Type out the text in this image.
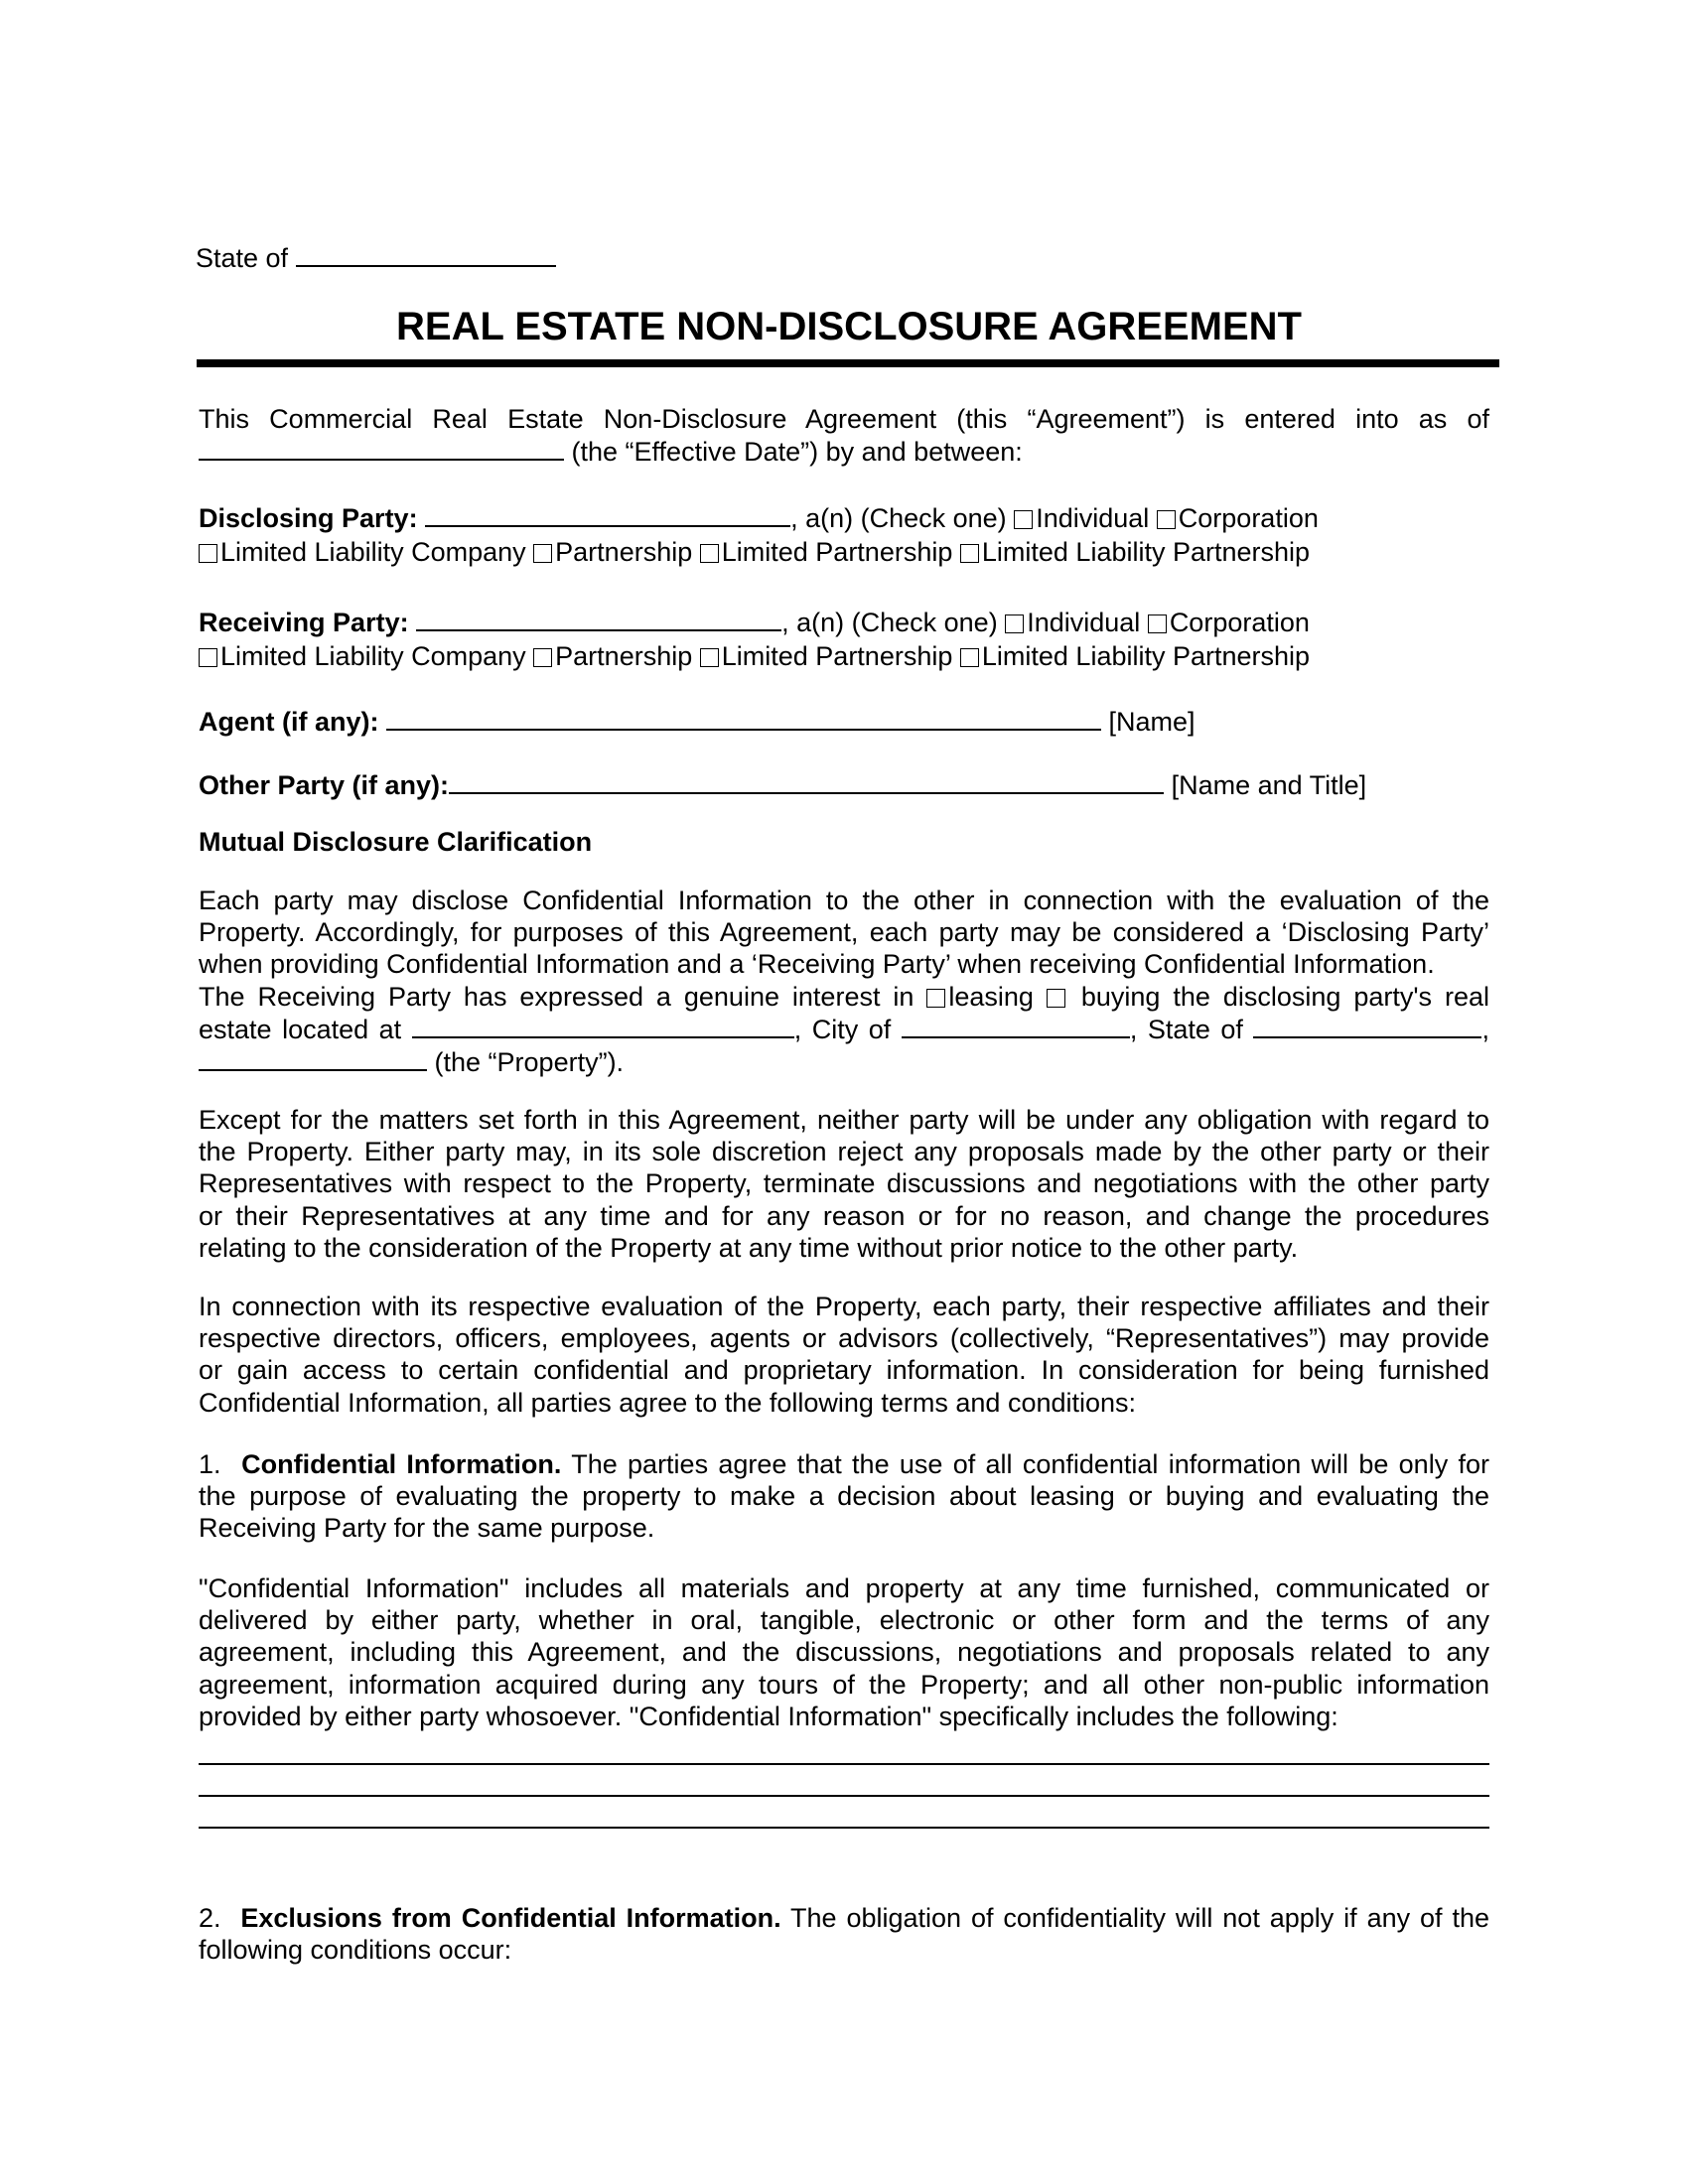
State of
REAL ESTATE NON-DISCLOSURE AGREEMENT
This Commercial Real Estate Non-Disclosure Agreement (this “Agreement”) is entered into as of
(the “Effective Date”) by and between:
Disclosing Party:	, a(n) (Check one) Individual Corporation
Limited Liability Company Partnership Limited Partnership Limited Liability Partnership
Receiving Party:	, a(n) (Check one) Individual Corporation
Limited Liability Company Partnership Limited Partnership Limited Liability Partnership
Agent (if any):	[Name]
Other Party (if any):	[Name and Title]
Mutual Disclosure Clarification
Each party may disclose Confidential Information to the other in connection with the evaluation of the
Property. Accordingly, for purposes of this Agreement, each party may be considered a ‘Disclosing Party’
when providing Confidential Information and a ‘Receiving Party’ when receiving Confidential Information.
The Receiving Party has expressed a genuine interest in leasing buying the disclosing party's real
estate located at	, City of	, State of	,
(the “Property”).
Except for the matters set forth in this Agreement, neither party will be under any obligation with regard to
the Property. Either party may, in its sole discretion reject any proposals made by the other party or their
Representatives with respect to the Property, terminate discussions and negotiations with the other party
or their Representatives at any time and for any reason or for no reason, and change the procedures
relating to the consideration of the Property at any time without prior notice to the other party.
In connection with its respective evaluation of the Property, each party, their respective affiliates and their
respective directors, officers, employees, agents or advisors (collectively, “Representatives”) may provide
or gain access to certain confidential and proprietary information. In consideration for being furnished
Confidential Information, all parties agree to the following terms and conditions:
1. Confidential Information. The parties agree that the use of all confidential information will be only for
the purpose of evaluating the property to make a decision about leasing or buying and evaluating the
Receiving Party for the same purpose.
"Confidential Information" includes all materials and property at any time furnished, communicated or
delivered by either party, whether in oral, tangible, electronic or other form and the terms of any
agreement, including this Agreement, and the discussions, negotiations and proposals related to any
agreement, information acquired during any tours of the Property; and all other non-public information
provided by either party whosoever. "Confidential Information" specifically includes the following:
2. Exclusions from Confidential Information. The obligation of confidentiality will not apply if any of the
following conditions occur:
